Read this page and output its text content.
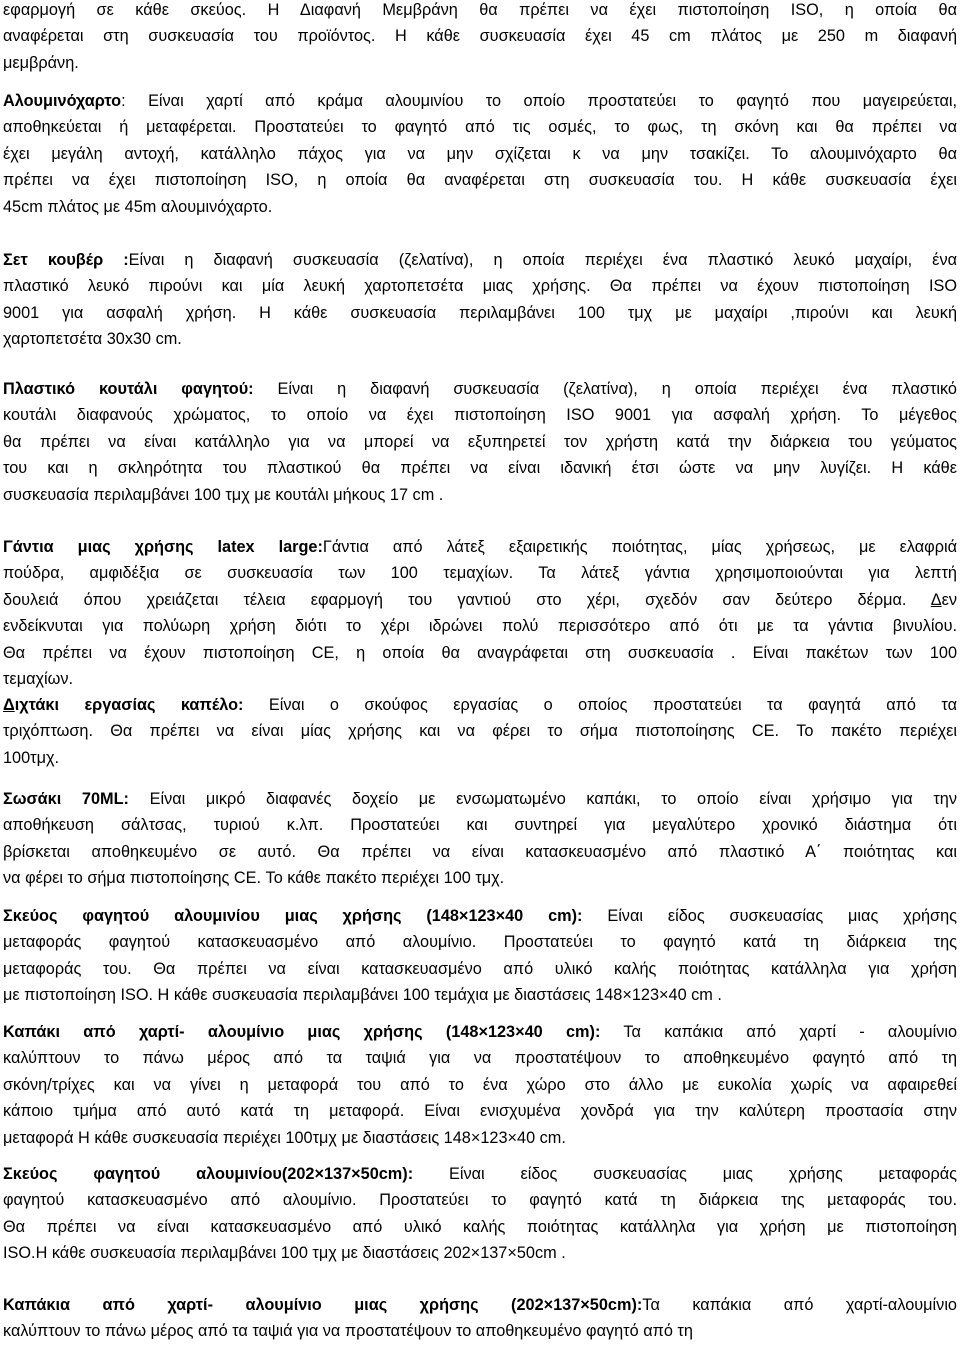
εφαρμογή σε κάθε σκεύος. Η Διαφανή Μεμβράνη θα πρέπει να έχει πιστοποίηση ISO, η οποία θα
αναφέρεται στη συσκευασία του προϊόντος. Η κάθε συσκευασία έχει 45 cm πλάτος με 250 m διαφανή
μεμβράνη.
Αλουμινόχαρτο: Είναι χαρτί από κράμα αλουμινίου το οποίο προστατεύει το φαγητό που μαγειρεύεται,
αποθηκεύεται ή μεταφέρεται. Προστατεύει το φαγητό από τις οσμές, το φως, τη σκόνη και θα πρέπει να
έχει μεγάλη αντοχή, κατάλληλο πάχος για να μην σχίζεται κ να μην τσακίζει. Το αλουμινόχαρτο θα
πρέπει να έχει πιστοποίηση ISO, η οποία θα αναφέρεται στη συσκευασία του. Η κάθε συσκευασία έχει
45cm πλάτος με 45m αλουμινόχαρτο.
Σετ κουβέρ :Είναι η διαφανή συσκευασία (ζελατίνα), η οποία περιέχει ένα πλαστικό λευκό μαχαίρι, ένα
πλαστικό λευκό πιρούνι και μία λευκή χαρτοπετσέτα μιας χρήσης. Θα πρέπει να έχουν πιστοποίηση ISO
9001 για ασφαλή χρήση. Η κάθε συσκευασία περιλαμβάνει 100 τμχ με μαχαίρι ,πιρούνι και λευκή
χαρτοπετσέτα 30x30 cm.
Πλαστικό κουτάλι φαγητού: Είναι η διαφανή συσκευασία (ζελατίνα), η οποία περιέχει ένα πλαστικό
κουτάλι διαφανούς χρώματος, το οποίο να έχει πιστοποίηση ISO 9001 για ασφαλή χρήση. Το μέγεθος
θα πρέπει να είναι κατάλληλο για να μπορεί να εξυπηρετεί τον χρήστη κατά την διάρκεια του γεύματος
του και η σκληρότητα του πλαστικού θα πρέπει να είναι ιδανική έτσι ώστε να μην λυγίζει. Η κάθε
συσκευασία περιλαμβάνει 100 τμχ με κουτάλι μήκους 17 cm .
Γάντια μιας χρήσης latex large:Γάντια από λάτεξ εξαιρετικής ποιότητας, μίας χρήσεως, με ελαφριά
πούδρα, αμφιδέξια σε συσκευασία των 100 τεμαχίων. Τα λάτεξ γάντια χρησιμοποιούνται για λεπτή
δουλειά όπου χρειάζεται τέλεια εφαρμογή του γαντιού στο χέρι, σχεδόν σαν δεύτερο δέρμα. Δεν
ενδείκνυται για πολύωρη χρήση διότι το χέρι ιδρώνει πολύ περισσότερο από ότι με τα γάντια βινυλίου.
Θα πρέπει να έχουν πιστοποίηση CE, η οποία θα αναγράφεται στη συσκευασία . Είναι πακέτων των 100
τεμαχίων.
Διχτάκι εργασίας καπέλο: Είναι ο σκούφος εργασίας ο οποίος προστατεύει τα φαγητά από τα
τριχόπτωση. Θα πρέπει να είναι μίας χρήσης και να φέρει το σήμα πιστοποίησης CE. Το πακέτο περιέχει
100τμχ.
Σωσάκι 70ML: Είναι μικρό διαφανές δοχείο με ενσωματωμένο καπάκι, το οποίο είναι χρήσιμο για την
αποθήκευση σάλτσας, τυριού κ.λπ. Προστατεύει και συντηρεί για μεγαλύτερο χρονικό διάστημα ότι
βρίσκεται αποθηκευμένο σε αυτό. Θα πρέπει να είναι κατασκευασμένο από πλαστικό Α΄ ποιότητας και
να φέρει το σήμα πιστοποίησης CE. Το κάθε πακέτο περιέχει 100 τμχ.
Σκεύος φαγητού αλουμινίου μιας χρήσης (148×123×40 cm): Είναι είδος συσκευασίας μιας χρήσης
μεταφοράς φαγητού κατασκευασμένο από αλουμίνιο. Προστατεύει το φαγητό κατά τη διάρκεια της
μεταφοράς του. Θα πρέπει να είναι κατασκευασμένο από υλικό καλής ποιότητας κατάλληλα για χρήση
με πιστοποίηση ISO. Η κάθε συσκευασία περιλαμβάνει 100 τεμάχια με διαστάσεις 148×123×40 cm .
Καπάκι από χαρτί- αλουμίνιο μιας χρήσης (148×123×40 cm): Τα καπάκια από χαρτί - αλουμίνιο
καλύπτουν το πάνω μέρος από τα ταψιά για να προστατέψουν το αποθηκευμένο φαγητό από τη
σκόνη/τρίχες και να γίνει η μεταφορά του από το ένα χώρο στο άλλο με ευκολία χωρίς να αφαιρεθεί
κάποιο τμήμα από αυτό κατά τη μεταφορά. Είναι ενισχυμένα χονδρά για την καλύτερη προστασία στην
μεταφορά Η κάθε συσκευασία περιέχει 100τμχ με διαστάσεις 148×123×40 cm.
Σκεύος φαγητού αλουμινίου(202×137×50cm): Είναι είδος συσκευασίας μιας χρήσης μεταφοράς
φαγητού κατασκευασμένο από αλουμίνιο. Προστατεύει το φαγητό κατά τη διάρκεια της μεταφοράς του.
Θα πρέπει να είναι κατασκευασμένο από υλικό καλής ποιότητας κατάλληλα για χρήση με πιστοποίηση
ISO.Η κάθε συσκευασία περιλαμβάνει 100 τμχ με διαστάσεις 202×137×50cm .
Καπάκια από χαρτί- αλουμίνιο μιας χρήσης (202×137×50cm):Τα καπάκια από χαρτί-αλουμίνιο
καλύπτουν το πάνω μέρος από τα ταψιά για να προστατέψουν το αποθηκευμένο φαγητό από τη
